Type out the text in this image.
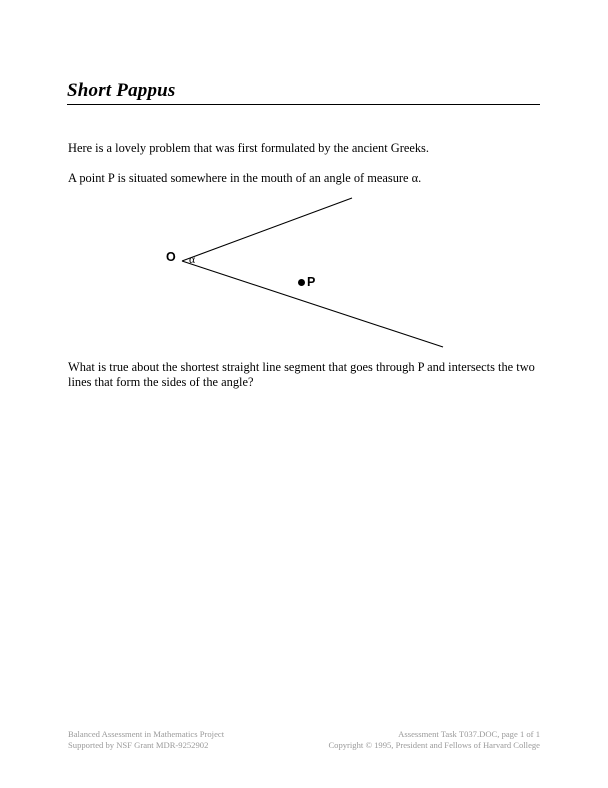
Short Pappus
Here is a lovely problem that was first formulated by the ancient Greeks.
A point P is situated somewhere in the mouth of an angle of measure α.
O α
P
What is true about the shortest straight line segment that goes through P and intersects the two lines that form the sides of the angle?
Balanced Assessment in Mathematics Project
Supported by NSF Grant MDR-9252902
Assessment Task T037.DOC, page 1 of 1
Copyright © 1995, President and Fellows of Harvard College
